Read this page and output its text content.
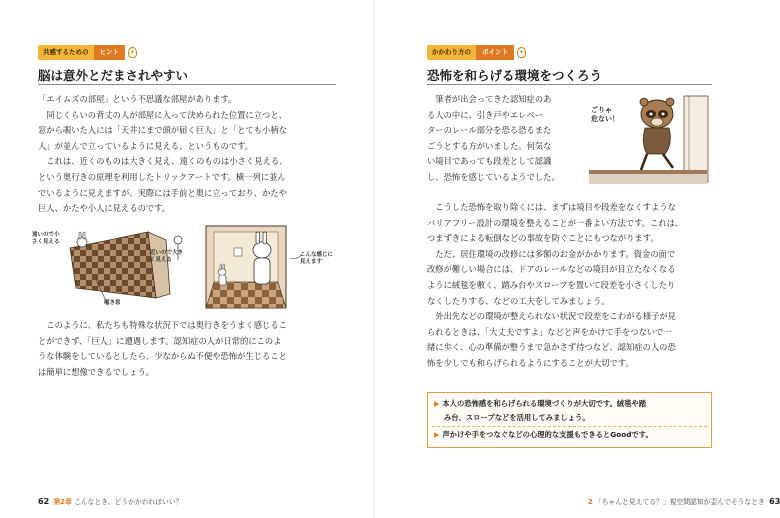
共感するための	ヒント	✦
脳は意外とだまされやすい

「エイムズの部屋」という不思議な部屋があります。

同じくらいの背丈の人が部屋に入って決められた位置に立つと、

窓から覗いた人には「天井にまで頭が届く巨人」と「とても小柄な

人」が並んで立っているように見える、というものです。

これは、近くのものは大きく見え、遠くのものは小さく見える、

という奥行きの原理を利用したトリックアートです。横一列に並ん

でいるように見えますが、実際には手前と奥に立っており、かたや

巨人、かたや小人に見えるのです。

遠いので小さく見える
近いので大きく見える
覗き窓
こんな感じに見えます

このように、私たちも特殊な状況下では奥行きをうまく感じるこ

とができず、「巨人」に遭遇します。認知症の人が日常的にこのよ

うな体験をしているとしたら、少なからぬ不便や恐怖が生じること

は簡単に想像できるでしょう。

62 第2章 こんなとき、どうかかわればいい？
かかわり方の	ポイント	✦
恐怖を和らげる環境をつくろう

筆者が出会ってきた認知症のあ

る人の中に、引き戸やエレベー

ターのレール部分を恐る恐るまた

ごうとする方がいました。何気な

い境目であっても段差として認識

し、恐怖を感じているようでした。

ごりゃ 危ない！

こうした恐怖を取り除くには、まずは境目や段差をなくすような

バリアフリー設計の環境を整えることが一番よい方法です。これは、

つまずきによる転倒などの事故を防ぐことにもつながります。

ただ、居住環境の改修には多額のお金がかかります。資金の面で

改修が難しい場合には、ドアのレールなどの境目が目立たなくなる

ように絨毯を敷く、踏み台やスロープを置いて段差を小さくしたり

なくしたりする、などの工夫をしてみましょう。

外出先などの環境が整えられない状況で段差をこわがる様子が見

られるときは、「大丈夫ですよ」などと声をかけて手をつないで一

緒に歩く、心の準備が整うまで急かさず待つなど、認知症の人の恐

怖を少しでも和らげられるようにすることが大切です。

▶ 本人の恐怖感を和らげられる環境づくりが大切です。絨毯や踏
み台、スロープなどを活用してみましょう。
▶ 声かけや手をつなぐなどの心理的な支援もできるとGoodです。
2 「ちゃんと見えてる？」視空間認知が歪んでそうなとき 63
